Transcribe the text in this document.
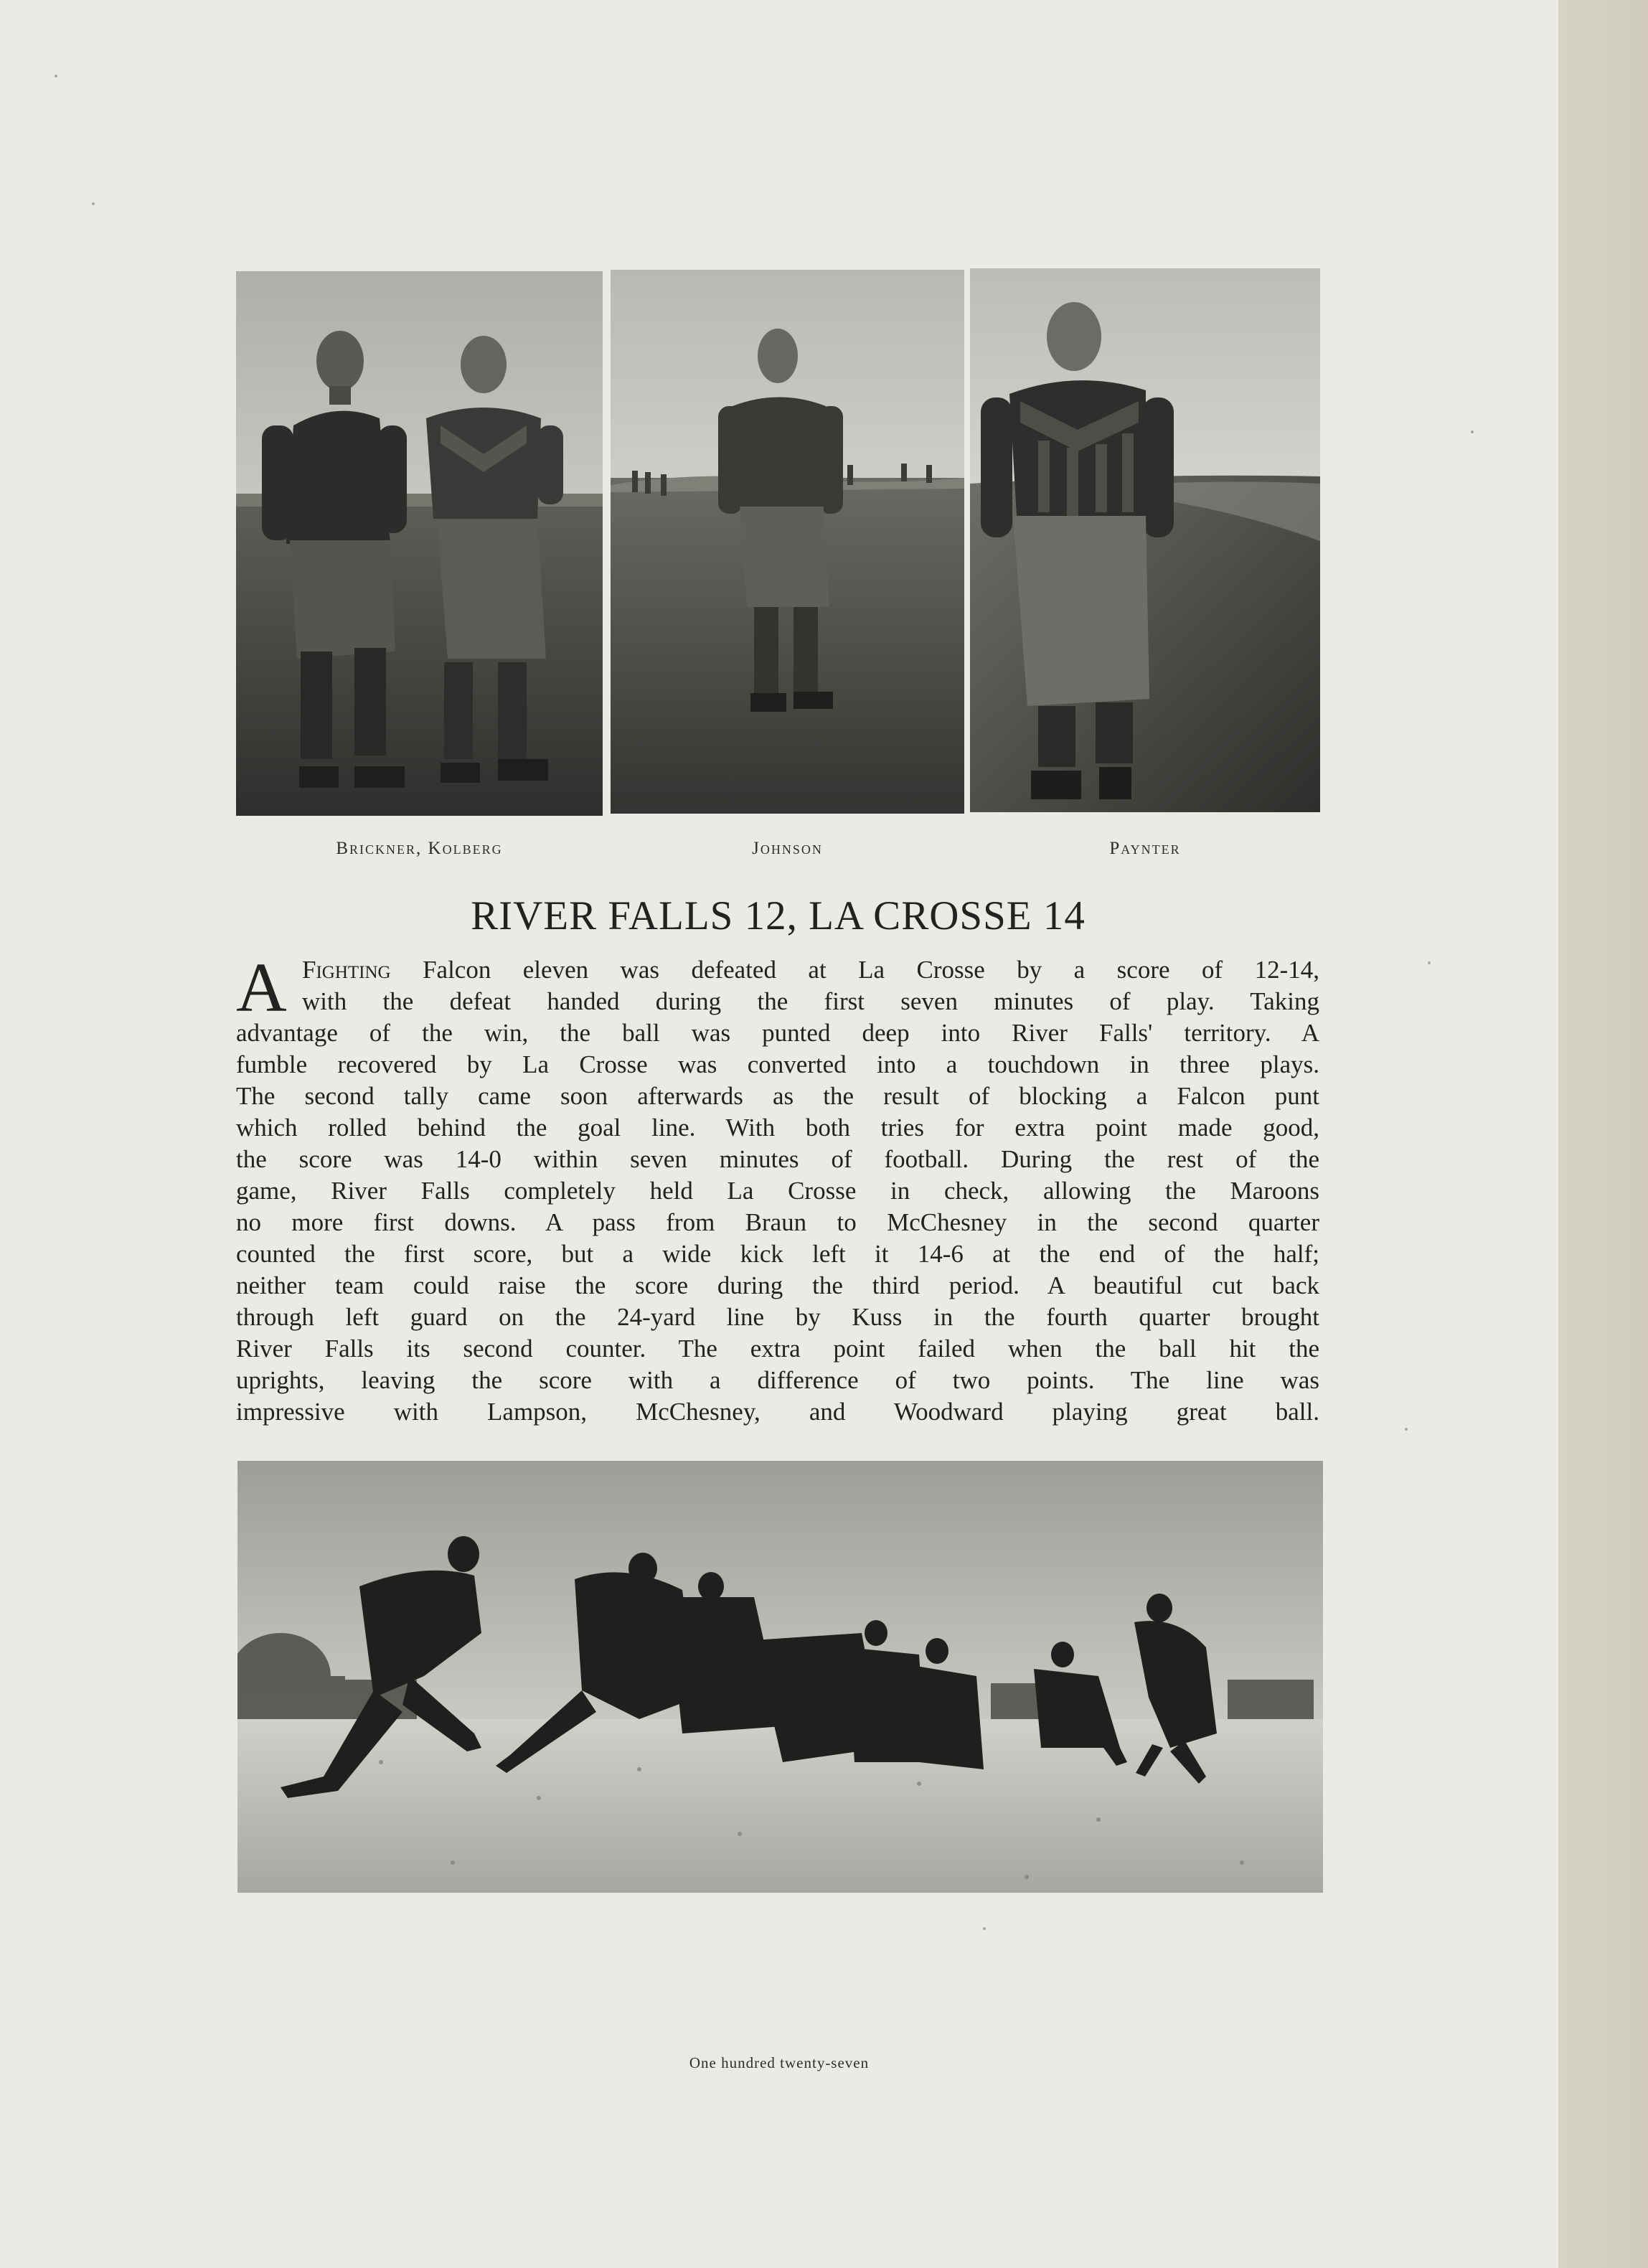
Brickner, Kolberg	Johnson	Paynter
RIVER FALLS 12, LA CROSSE 14
A Fighting Falcon eleven was defeated at La Crosse by a score of 12-14,
with the defeat handed during the first seven minutes of play. Taking
advantage of the win, the ball was punted deep into River Falls' territory. A
fumble recovered by La Crosse was converted into a touchdown in three plays.
The second tally came soon afterwards as the result of blocking a Falcon punt
which rolled behind the goal line. With both tries for extra point made good,
the score was 14-0 within seven minutes of football. During the rest of the
game, River Falls completely held La Crosse in check, allowing the Maroons
no more first downs. A pass from Braun to McChesney in the second quarter
counted the first score, but a wide kick left it 14-6 at the end of the half;
neither team could raise the score during the third period. A beautiful cut back
through left guard on the 24-yard line by Kuss in the fourth quarter brought
River Falls its second counter. The extra point failed when the ball hit the
uprights, leaving the score with a difference of two points. The line was
impressive with Lampson, McChesney, and Woodward playing great ball.
One hundred twenty-seven
